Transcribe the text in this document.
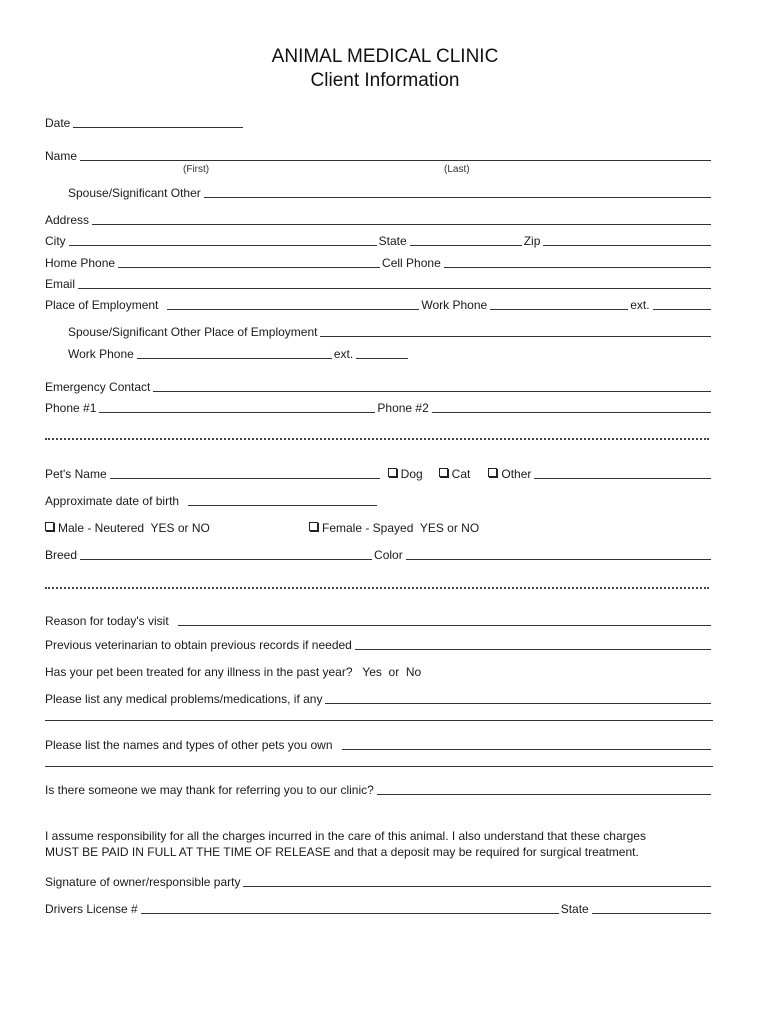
ANIMAL MEDICAL CLINIC
Client Information
Date
Name
(First)	(Last)
Spouse/Significant Other
Address
City	State	Zip
Home Phone	Cell Phone
Email
Place of Employment	Work Phone	ext.
Spouse/Significant Other Place of Employment
Work Phone	ext.
Emergency Contact
Phone #1	Phone #2
Pet's Name	Dog	Cat	Other
Approximate date of birth
Male - Neutered  YES or NO	Female - Spayed  YES or NO
Breed	Color
Reason for today's visit
Previous veterinarian to obtain previous records if needed
Has your pet been treated for any illness in the past year?   Yes  or  No
Please list any medical problems/medications, if any
Please list the names and types of other pets you own
Is there someone we may thank for referring you to our clinic?
I assume responsibility for all the charges incurred in the care of this animal. I also understand that these charges
MUST BE PAID IN FULL AT THE TIME OF RELEASE and that a deposit may be required for surgical treatment.
Signature of owner/responsible party
Drivers License #	State
